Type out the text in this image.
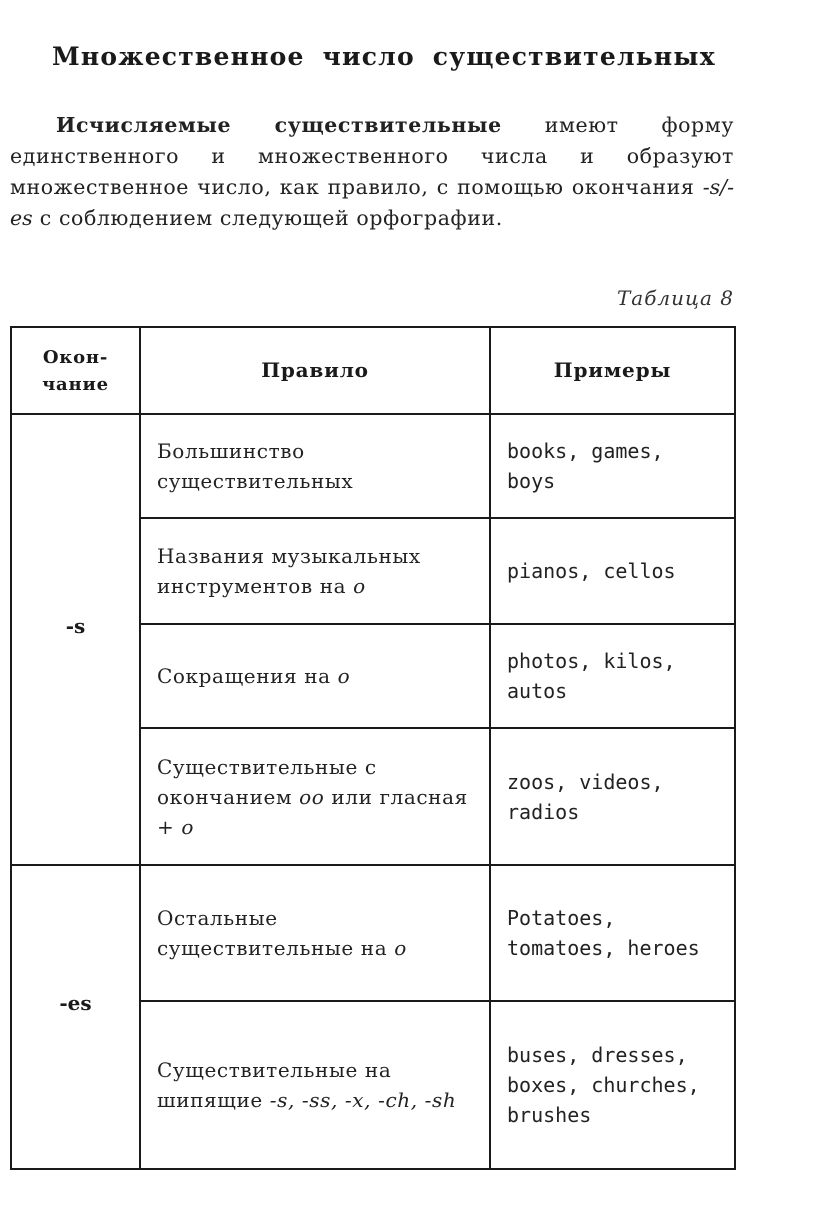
Множественное число существительных

Исчисляемые существительные имеют форму единственного и множественного числа и образуют множественное число, как правило, с помощью окончания -s/-es с соблюдением следующей орфографии.

Таблица 8
Окон-чание	Правило	Примеры
-s	Большинство существительных	books, games, boys
	Названия музыкальных инструментов на o	pianos, cellos
	Сокращения на o	photos, kilos, autos
	Существительные с окончанием oo или гласная + o	zoos, videos, radios
-es	Остальные существительные на o	Potatoes, tomatoes, heroes
	Существительные на шипящие -s, -ss, -x, -ch, -sh	buses, dresses, boxes, churches, brushes
